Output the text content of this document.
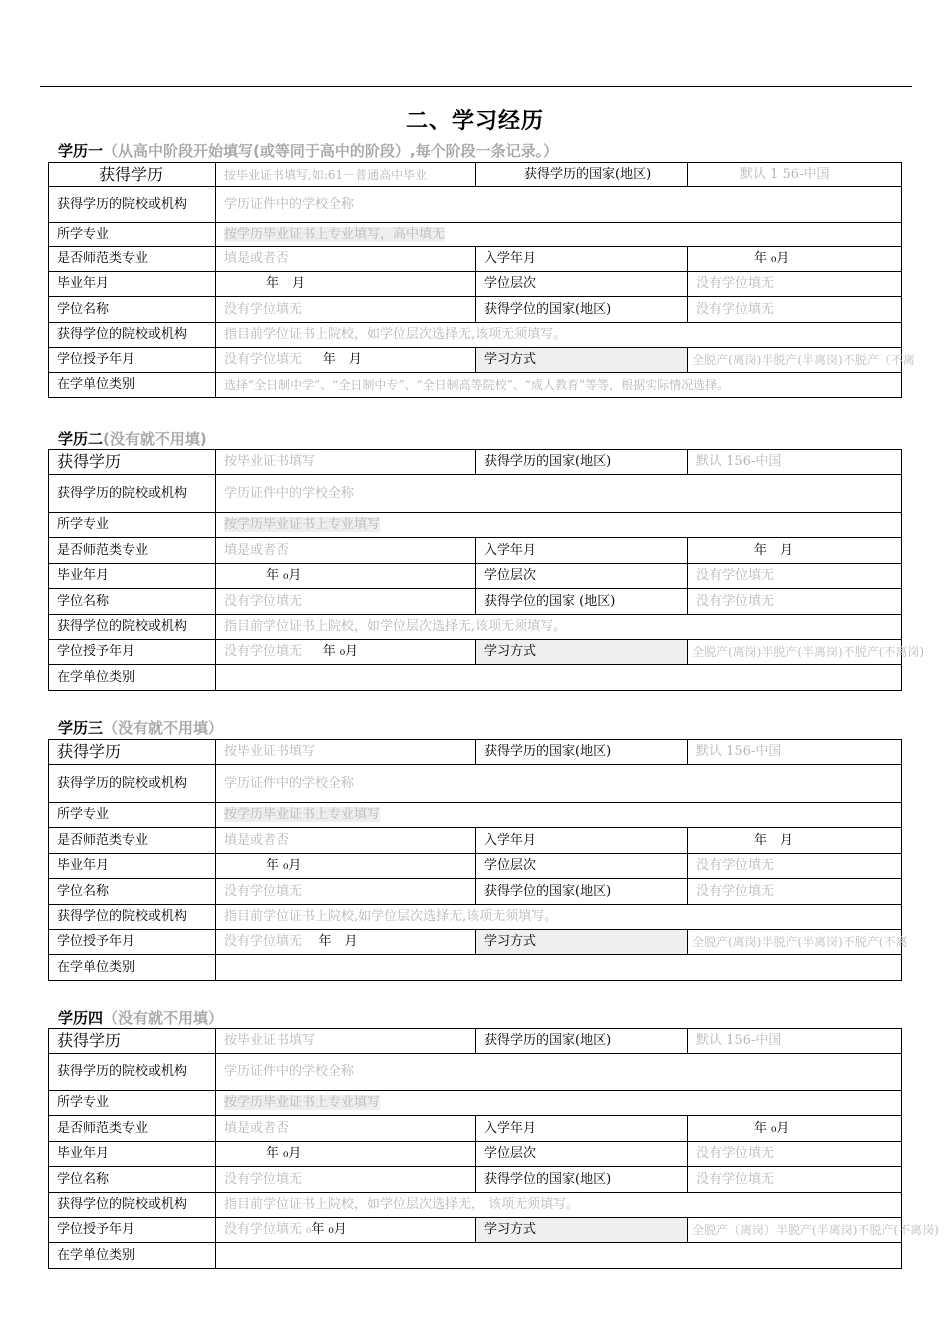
二、学习经历
学历一（从高中阶段开始填写(或等同于高中的阶段）,每个阶段一条记录。）
获得学历	按毕业证书填写,如:61－普通高中毕业	获得学历的国家(地区)	默认 1 56-中国
获得学历的院校或机构	学历证件中的学校全称		
所学专业	按学历毕业证书上专业填写，高中填无		
是否师范类专业	填是或者否	入学年月	年 ₀月
毕业年月	年　月	学位层次	没有学位填无
学位名称	没有学位填无	获得学位的国家(地区)	没有学位填无
获得学位的院校或机构	指目前学位证书上院校，如学位层次选择无,该项无须填写。		
学位授予年月	没有学位填无 年　月	学习方式	全脱产(离岗) 半脱产(半离岗) 不脱产（不离

在学单位类别	选择“全日制中学”、“全日制中专”、“全日制高等院校”、“成人教育”等等，根据实际情况选择。		
学历二(没有就不用填)
获得学历	按毕业证书填写	获得学历的国家(地区)	默认 156-中国
获得学历的院校或机构	学历证件中的学校全称		
所学专业	按学历毕业证书上专业填写		
是否师范类专业	填是或者否	入学年月	年　月
毕业年月	年 ₀月	学位层次	没有学位填无
学位名称	没有学位填无	获得学位的国家 (地区)	没有学位填无
获得学位的院校或机构	指目前学位证书上院校，如学位层次选择无,该项无须填写。		
学位授予年月	没有学位填无 年 ₀月	学习方式	全脱产(离岗) 半脱产(半离岗) 不脱产(不离岗)

在学单位类别			
学历三（没有就不用填）
获得学历	按毕业证书填写	获得学历的国家(地区)	默认 156-中国
获得学历的院校或机构	学历证件中的学校全称		
所学专业	按学历毕业证书上专业填写		
是否师范类专业	填是或者否	入学年月	年　月
毕业年月	年 ₀月	学位层次	没有学位填无
学位名称	没有学位填无	获得学位的国家(地区)	没有学位填无
获得学位的院校或机构	指目前学位证书上院校,如学位层次选择无,该项无须填写。		
学位授予年月	没有学位填无 年　月	学习方式	全脱产(离岗) 半脱产(半离岗) 不脱产(不离

在学单位类别			
学历四（没有就不用填）
获得学历	按毕业证书填写	获得学历的国家(地区)	默认 156-中国
获得学历的院校或机构	学历证件中的学校全称		
所学专业	按学历毕业证书上专业填写		
是否师范类专业	填是或者否	入学年月	年 ₀月
毕业年月	年 ₀月	学位层次	没有学位填无
学位名称	没有学位填无	获得学位的国家(地区)	没有学位填无
获得学位的院校或机构	指目前学位证书上院校，如学位层次选择无， 该项无须填写。		
学位授予年月	没有学位填无 ₀年 ₀月	学习方式	全脱产（离岗） 半脱产(半离岗) 不脱产(不离岗)

在学单位类别			
